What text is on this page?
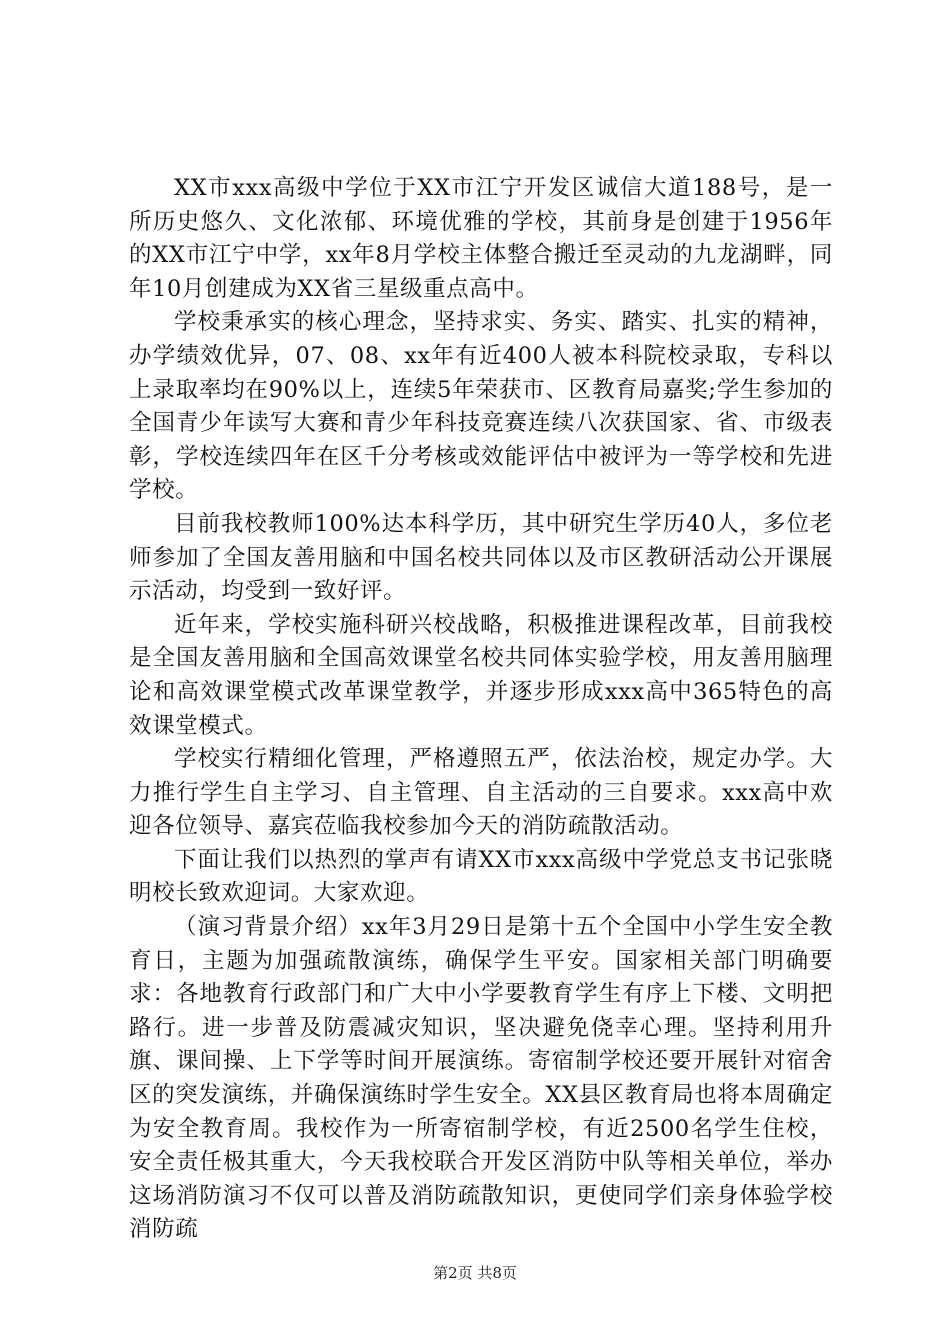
XX市xxx高级中学位于XX市江宁开发区诚信大道188号，是一所历史悠久、文化浓郁、环境优雅的学校，其前身是创建于1956年的XX市江宁中学，xx年8月学校主体整合搬迁至灵动的九龙湖畔，同年10月创建成为XX省三星级重点高中。

学校秉承实的核心理念，坚持求实、务实、踏实、扎实的精神，办学绩效优异，07、08、xx年有近400人被本科院校录取，专科以上录取率均在90%以上，连续5年荣获市、区教育局嘉奖;学生参加的全国青少年读写大赛和青少年科技竞赛连续八次获国家、省、市级表彰，学校连续四年在区千分考核或效能评估中被评为一等学校和先进学校。

目前我校教师100%达本科学历，其中研究生学历40人，多位老师参加了全国友善用脑和中国名校共同体以及市区教研活动公开课展示活动，均受到一致好评。

近年来，学校实施科研兴校战略，积极推进课程改革，目前我校是全国友善用脑和全国高效课堂名校共同体实验学校，用友善用脑理论和高效课堂模式改革课堂教学，并逐步形成xxx高中365特色的高效课堂模式。

学校实行精细化管理，严格遵照五严，依法治校，规定办学。大力推行学生自主学习、自主管理、自主活动的三自要求。xxx高中欢迎各位领导、嘉宾莅临我校参加今天的消防疏散活动。

下面让我们以热烈的掌声有请XX市xxx高级中学党总支书记张晓明校长致欢迎词。大家欢迎。

（演习背景介绍）xx年3月29日是第十五个全国中小学生安全教育日，主题为加强疏散演练，确保学生平安。国家相关部门明确要求：各地教育行政部门和广大中小学要教育学生有序上下楼、文明把路行。进一步普及防震减灾知识，坚决避免侥幸心理。坚持利用升旗、课间操、上下学等时间开展演练。寄宿制学校还要开展针对宿舍区的突发演练，并确保演练时学生安全。XX县区教育局也将本周确定为安全教育周。我校作为一所寄宿制学校，有近2500名学生住校，安全责任极其重大，今天我校联合开发区消防中队等相关单位，举办这场消防演习不仅可以普及消防疏散知识，更使同学们亲身体验学校消防疏

第2页 共8页
